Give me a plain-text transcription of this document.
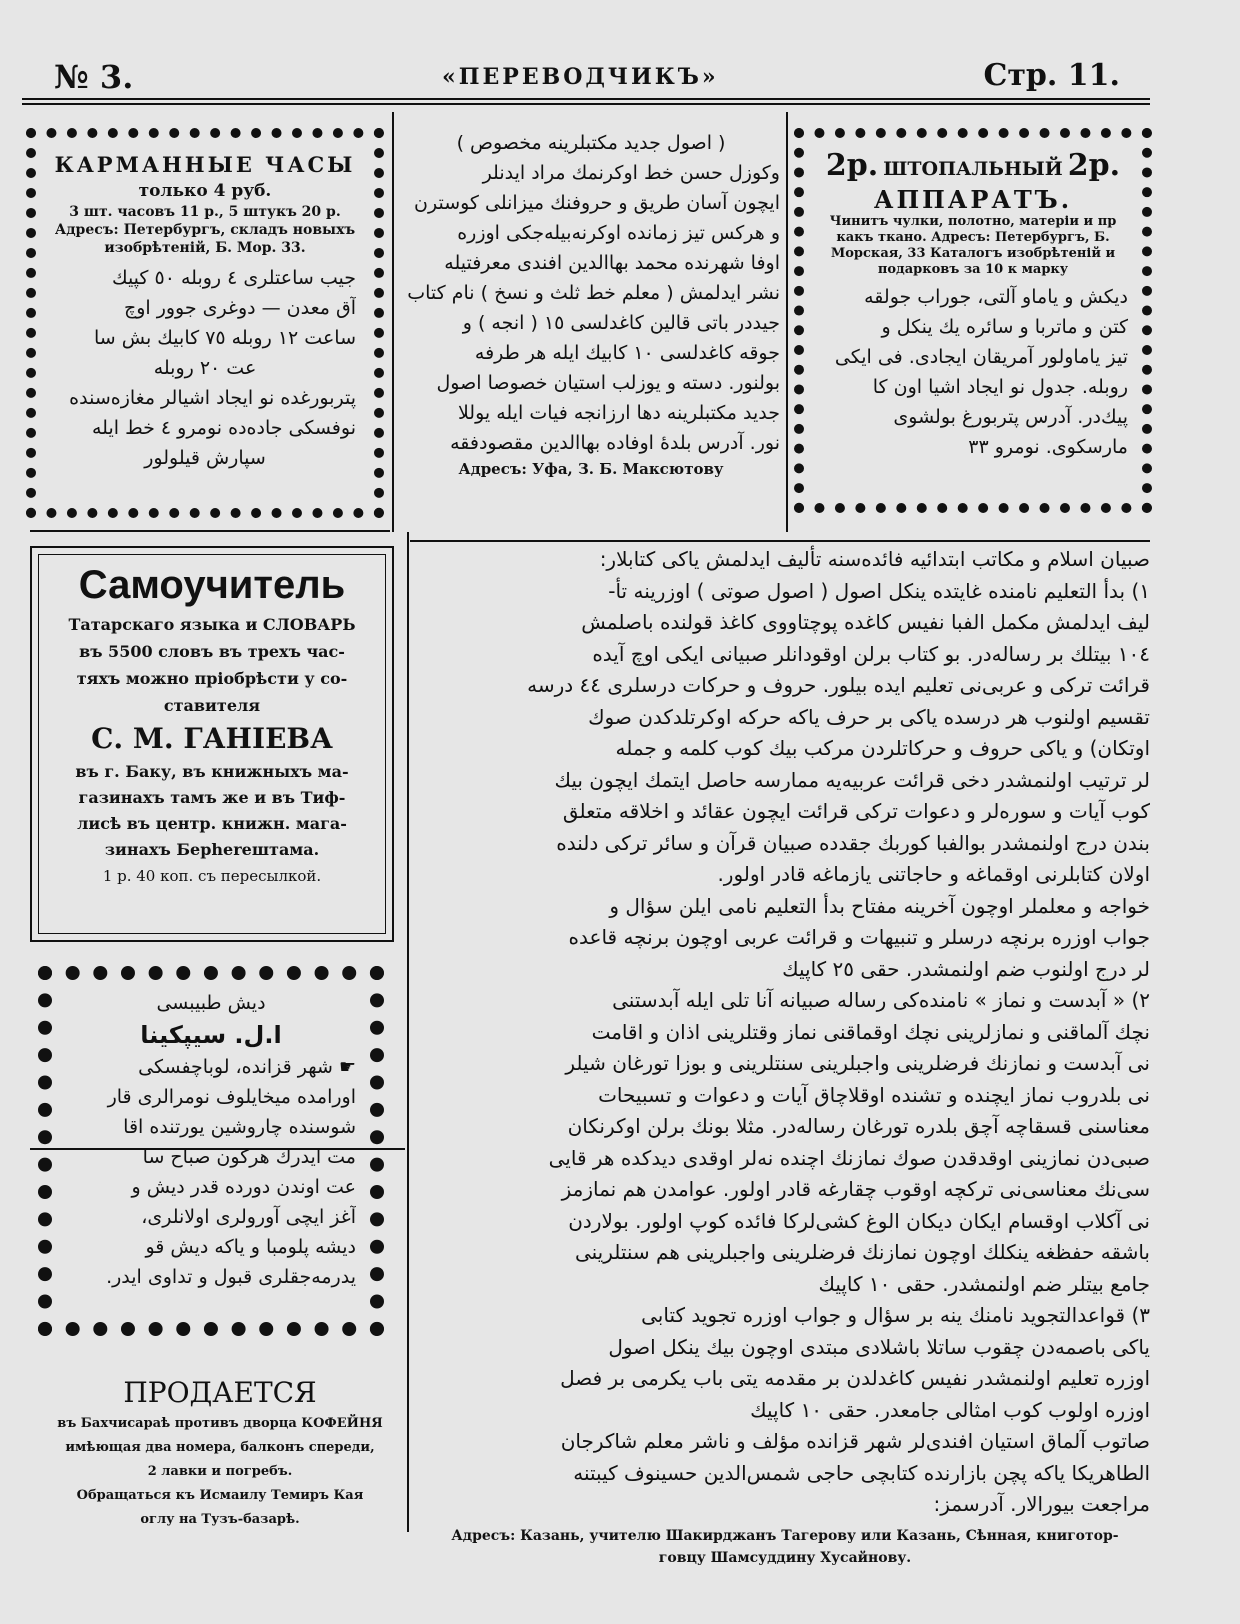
№ 3.	«ПЕРЕВОДЧИКЪ»	Стр. 11.
КАРМАННЫЕ ЧАСЫ
только 4 руб.
3 шт. часовъ 11 р., 5 штукъ 20 р.
Адресъ: Петербургъ, складъ новыхъ
изобрѣтеній, Б. Мор. 33.
جيب ساعتلرى ٤ روبله ٥٠ كپيك
آق معدن — دوغرى جوور اوچ
ساعت ١٢ روبله ٧٥ كابيك بش سا
عت ٢٠ روبله
پتربورغده نو ايجاد اشيالر مغازه‌سنده
نوفسكى جاده‌ده نومرو ٤ خط ايله
سپارش قيلولور
( اصول جديد مكتبلرينه مخصوص )
وكوزل حسن خط اوكرنمك مراد ايدنلر
ايچون آسان طريق و حروفنك ميزانلى كوسترن
و هركس تيز زمانده اوكرنه‌بيله‌جكى اوزره
اوفا شهرنده محمد بهاالدين افندى معرفتيله
نشر ايدلمش ( معلم خط ثلث و نسخ ) نام كتاب
جيددر باتى قالين كاغدلسى ١٥ ( انجه ) و
جوقه كاغدلسى ١٠ كابيك ايله هر طرفه
بولنور. دسته و يوزلب استيان خصوصا اصول
جديد مكتبلرينه دها ارزانجه فيات ايله يوللا
نور. آدرس بلدهٔ اوفاده بهاالدين مقصودفقه
Адресъ: Уфа, З. Б. Максютову
2р. ШТОПАЛЬНЫЙ 2р.
АППАРАТЪ.
Чинитъ чулки, полотно, матеріи и пр
какъ ткано. Адресъ: Петербургъ, Б.
Морская, 33 Каталогъ изобрѣтеній и
подарковъ за 10 к марку
ديكش و ياماو آلتى، جوراب جولقه
كتن و ماتربا و سائره يك ينكل و
تيز ياماولور آمريقان ايجادى. فى ايكى
روبله. جدول نو ايجاد اشيا اون كا
پيك‌در. آدرس پتربورغ بولشوى
مارسكوى. نومرو ٣٣
Самоучитель
Татарскаго языка и СЛОВАРЬ
въ 5500 словъ въ трехъ час-
тяхъ можно пріобрѣсти у со-
ставителя
С. М. ГАНІЕВА
въ г. Баку, въ книжныхъ ма-
газинахъ тамъ же и въ Тиф-
лисѣ въ центр. книжн. мага-
зинахъ Берherештама.
1 р. 40 коп. съ пересылкой.
ديش طبيبسى
ا.ل. سيپكينا
☛ شهر قزانده، لوباچفسكى
اورامده ميخايلوف نومرالرى قار
شوسنده چاروشين يورتنده اقا
مت ايدرك هركون صباح سا
عت اوندن دورده قدر ديش و
آغز ايچى آورولرى اولانلرى،
ديشه پلومبا و ياكه ديش قو
يدرمه‌جقلرى قبول و تداوى ايدر.
ПРОДАЕТСЯ
въ Бахчисараѣ противъ дворца КОФЕЙНЯ
имѣющая два номера, балконъ спереди,
2 лавки и погребъ.
Обращаться къ Исмаилу Темиръ Кая
оглу на Тузъ-базарѣ.
صبيان اسلام و مكاتب ابتدائيه فائده‌سنه تأليف ايدلمش ياكى كتابلار:
١) بدأ التعليم نامنده غايتده ينكل اصول ( اصول صوتى ) اوزرينه تأ-
ليف ايدلمش مكمل الفبا نفيس كاغده پوچتاووى كاغذ قولنده باصلمش
١٠٤ بيتلك بر رساله‌در. بو كتاب برلن اوقودانلر صبيانى ايكى اوچ آيده
قرائت تركى و عربى‌نى تعليم ايده بيلور. حروف و حركات درسلرى ٤٤ درسه
تقسيم اولنوب هر درسده ياكى بر حرف ياكه حركه اوكرتلدكدن صوك
اوتكان) و ياكى حروف و حركاتلردن مركب بيك كوب كلمه و جمله
لر ترتيب اولنمشدر دخى قرائت عربيه‌يه ممارسه حاصل ايتمك ايچون بيك
كوب آيات و سوره‌لر و دعوات تركى قرائت ايچون عقائد و اخلاقه متعلق
بندن درج اولنمشدر بوالفبا كوربك جقدده صبيان قرآن و سائر تركى دلنده
اولان كتابلرنى اوقماغه و حاجاتنى يازماغه قادر اولور.
خواجه و معلملر اوچون آخرينه مفتاح بدأ التعليم نامى ايلن سؤال و
جواب اوزره برنچه درسلر و تنبيهات و قرائت عربى اوچون برنچه قاعده
لر درج اولنوب ضم اولنمشدر. حقى ٢٥ كاپيك
٢) « آبدست و نماز » نامنده‌كى رساله صبيانه آنا تلى ايله آبدستنى
نچك آلماقنى و نمازلرينى نچك اوقماقنى نماز وقتلرينى اذان و اقامت
نى آبدست و نمازنك فرضلرينى واجبلرينى سنتلرينى و بوزا تورغان شيلر
نى بلدروب نماز ايچنده و تشنده اوقلاچاق آيات و دعوات و تسبيحات
معناسنى قسقاچه آچق بلدره تورغان رساله‌در. مثلا بونك برلن اوكرنكان
صبى‌دن نمازينى اوقدقدن صوك نمازنك اچنده نه‌لر اوقدى ديدكده هر قايى
سى‌نك معناسى‌نى تركچه اوقوب چقارغه قادر اولور. عوامدن هم نمازمز
نى آكلاب اوقسام ايكان ديكان الوغ كشى‌لركا فائده كوپ اولور. بولاردن
باشقه حفظغه ينكلك اوچون نمازنك فرضلرينى واجبلرينى هم سنتلرينى
جامع بيتلر ضم اولنمشدر. حقى ١٠ كاپيك
٣) قواعدالتجويد نامنك ينه بر سؤال و جواب اوزره تجويد كتابى
ياكى باصمه‌دن چقوب ساتلا باشلادى مبتدى اوچون بيك ينكل اصول
اوزره تعليم اولنمشدر نفيس كاغدلدن بر مقدمه يتى باب يكرمى بر فصل
اوزره اولوب كوب امثالى جامعدر. حقى ١٠ كاپيك
صاتوب آلماق استيان افندى‌لر شهر قزانده مؤلف و ناشر معلم شاكرجان
الطاهريكا ياكه پچن بازارنده كتابچى حاجى شمس‌الدين حسينوف كيبتنه
مراجعت بيورالار. آدرسمز:
Адресъ: Казань, учителю Шакирджанъ Тагерову или Казань, Сѣнная, книготор-
говцу Шамсуддину Хусайнову.
